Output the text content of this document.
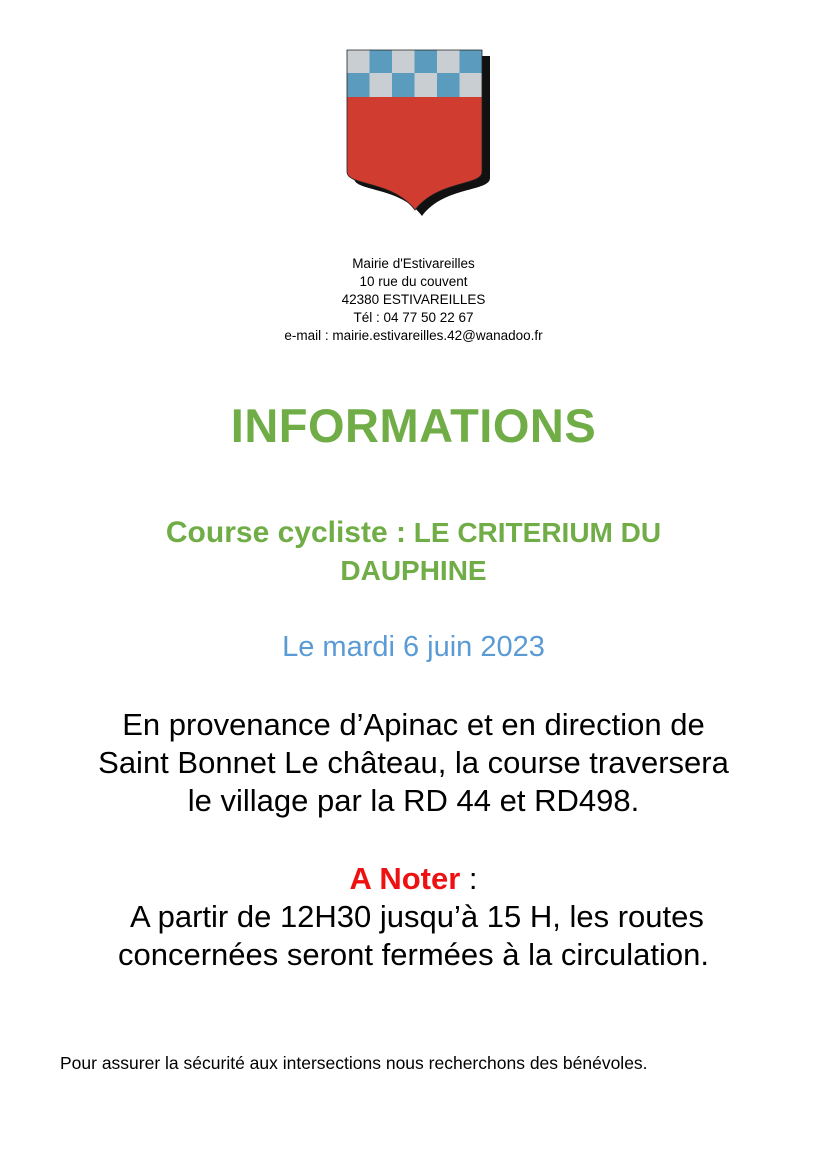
Mairie d'Estivareilles
10 rue du couvent
42380 ESTIVAREILLES
Tél : 04 77 50 22 67
e-mail : mairie.estivareilles.42@wanadoo.fr
INFORMATIONS
Course cycliste : LE CRITERIUM DU
DAUPHINE
Le mardi 6 juin 2023
En provenance d’Apinac et en direction de
Saint Bonnet Le château, la course traversera
le village par la RD 44 et RD498.
A Noter :
A partir de 12H30 jusqu’à 15 H, les routes
concernées seront fermées à la circulation.
Pour assurer la sécurité aux intersections nous recherchons des bénévoles.
